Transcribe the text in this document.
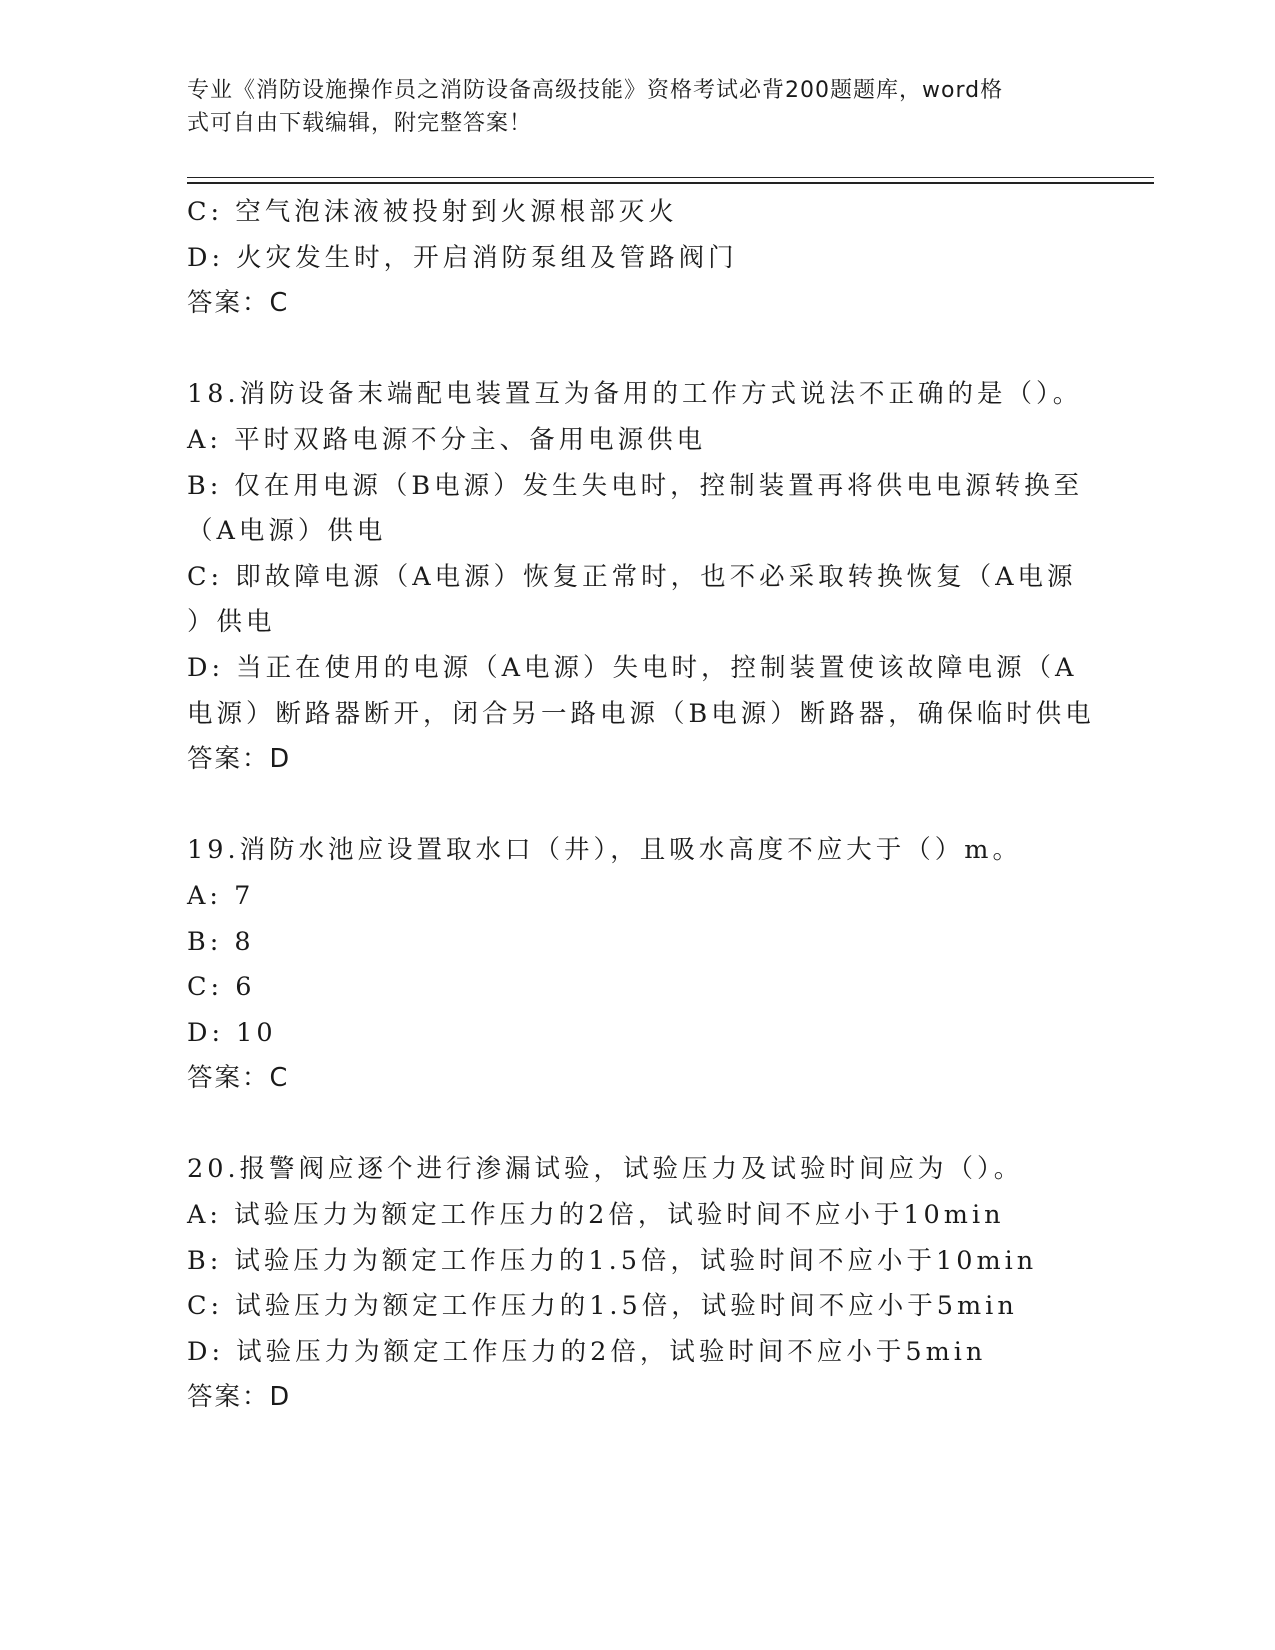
专业《消防设施操作员之消防设备高级技能》资格考试必背200题题库，word格
式可自由下载编辑，附完整答案！
C: 空气泡沫液被投射到火源根部灭火
D: 火灾发生时，开启消防泵组及管路阀门
答案：C
18.消防设备末端配电装置互为备用的工作方式说法不正确的是（）。
A: 平时双路电源不分主、备用电源供电
B: 仅在用电源（B电源）发生失电时，控制装置再将供电电源转换至
（A电源）供电
C: 即故障电源（A电源）恢复正常时，也不必采取转换恢复（A电源
）供电
D: 当正在使用的电源（A电源）失电时，控制装置使该故障电源（A
电源）断路器断开，闭合另一路电源（B电源）断路器，确保临时供电
答案：D
19.消防水池应设置取水口（井），且吸水高度不应大于（）m。
A: 7
B: 8
C: 6
D: 10
答案：C
20.报警阀应逐个进行渗漏试验，试验压力及试验时间应为（）。
A: 试验压力为额定工作压力的2倍，试验时间不应小于10min
B: 试验压力为额定工作压力的1.5倍，试验时间不应小于10min
C: 试验压力为额定工作压力的1.5倍，试验时间不应小于5min
D: 试验压力为额定工作压力的2倍，试验时间不应小于5min
答案：D
